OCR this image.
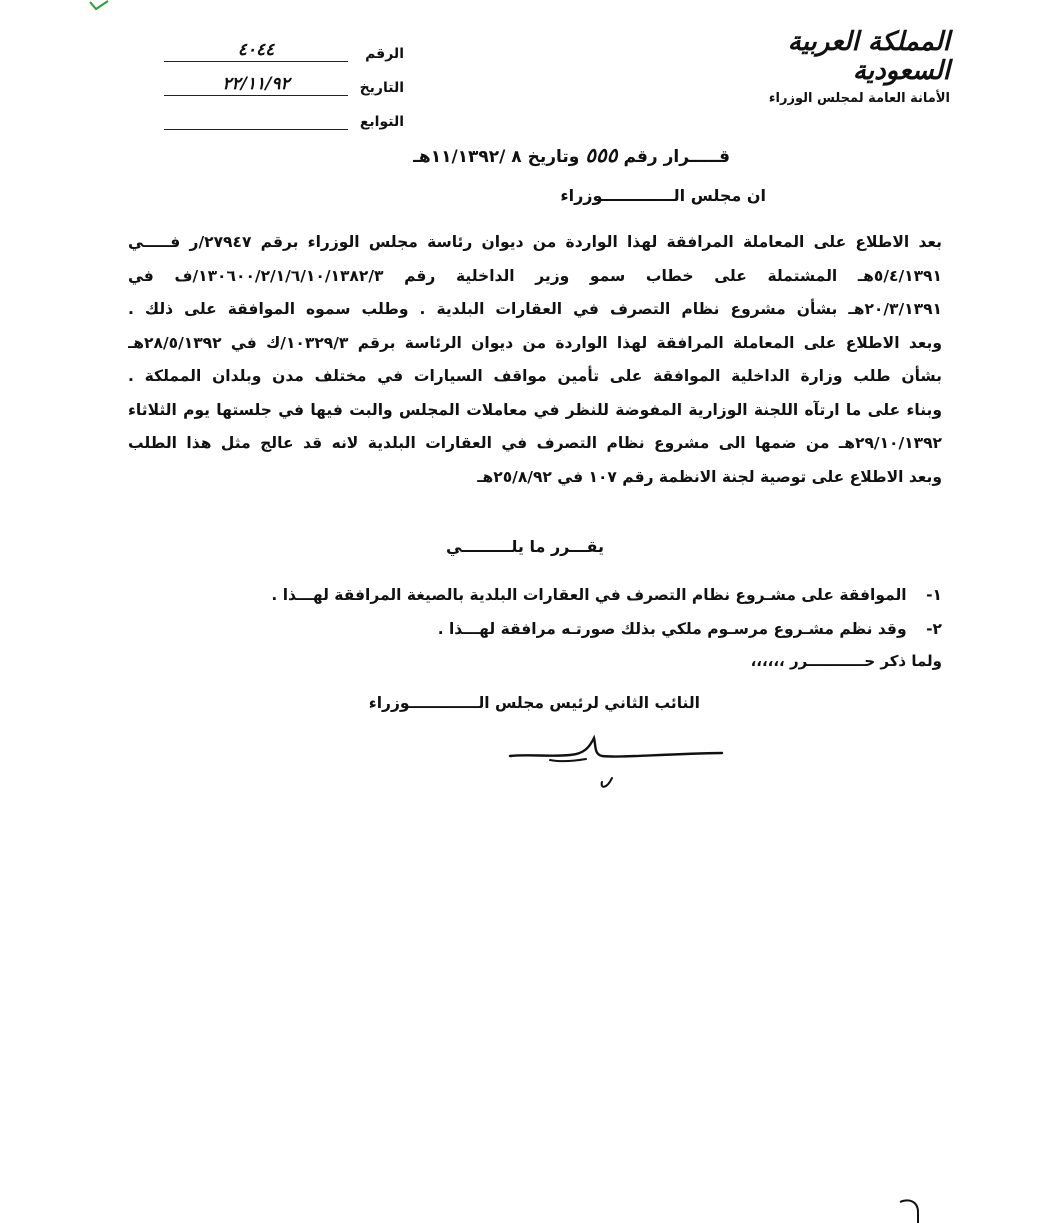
المملكة العربية السعودية
الأمانة العامة لمجلس الوزراء
الرقم
٤٠٤٤
التاريخ
٢٢/١١/٩٢
التوابع
قـــــرار رقم ٥٥٥ وتاريخ ٨ /١١/١٣٩٢هـ
ان مجلس الـــــــــــــوزراء
بعد الاطلاع على المعاملة المرافقة لهذا الواردة من ديوان رئاسة مجلس الوزراء برقم ٢٧٩٤٧/ر فـــــي
٥/٤/١٣٩١هـ المشتملة على خطاب سمو وزير الداخلية رقم ١٣٠٦٠٠/٢/١/٦/١٠/١٣٨٢/٣/ف في
٢٠/٣/١٣٩١هـ بشأن مشروع نظام التصرف في العقارات البلدية . وطلب سموه الموافقة على ذلك .
وبعد الاطلاع على المعاملة المرافقة لهذا الواردة من ديوان الرئاسة برقم ١٠٣٢٩/٣/ك في ٢٨/٥/١٣٩٢هـ
بشأن طلب وزارة الداخلية الموافقة على تأمين مواقف السيارات في مختلف مدن وبلدان المملكة .
وبناء على ما ارتآه اللجنة الوزارية المفوضة للنظر في معاملات المجلس والبت فيها في جلستها يوم الثلاثاء
٢٩/١٠/١٣٩٢هـ من ضمها الى مشروع نظام التصرف في العقارات البلدية لانه قد عالج مثل هذا الطلب
وبعد الاطلاع على توصية لجنة الانظمة رقم ١٠٧ في ٢٥/٨/٩٢هـ
يقـــرر ما يلـــــــــي
١- الموافقة على مشـروع نظام التصرف في العقارات البلدية بالصيغة المرافقة لهـــذا .
٢- وقد نظم مشـروع مرسـوم ملكي بذلك صورتـه مرافقة لهـــذا .
ولما ذكر حـــــــــــرر ،،،،،،
النائب الثاني لرئيس مجلس الـــــــــــــوزراء
